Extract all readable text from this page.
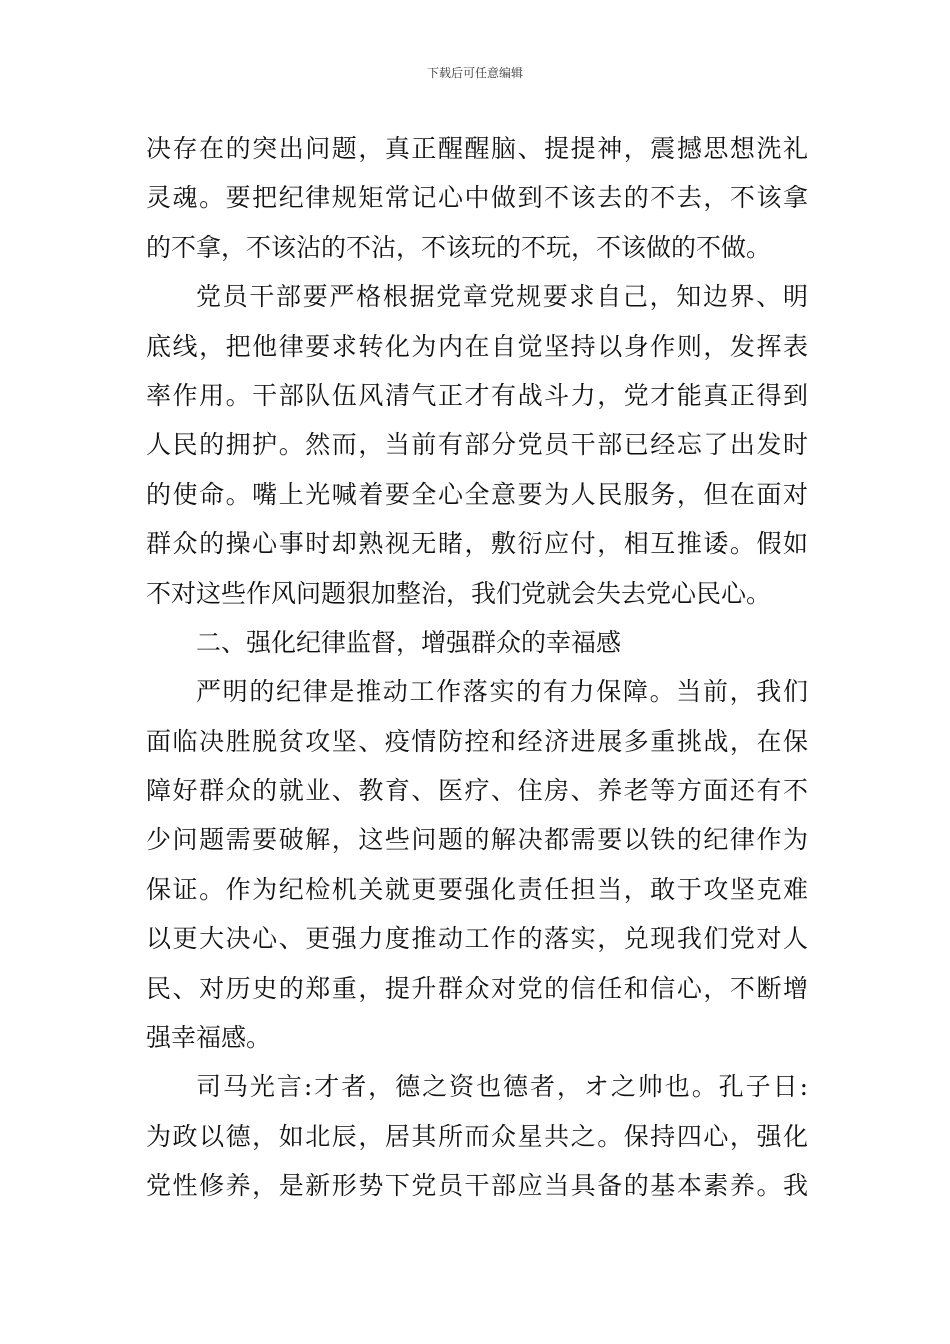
下载后可任意编辑
决存在的突出问题，真正醒醒脑、提提神，震撼思想洗礼
灵魂。要把纪律规矩常记心中做到不该去的不去，不该拿
的不拿，不该沾的不沾，不该玩的不玩，不该做的不做。
党员干部要严格根据党章党规要求自己，知边界、明
底线，把他律要求转化为内在自觉坚持以身作则，发挥表
率作用。干部队伍风清气正才有战斗力，党才能真正得到
人民的拥护。然而，当前有部分党员干部已经忘了出发时
的使命。嘴上光喊着要全心全意要为人民服务，但在面对
群众的操心事时却熟视无睹，敷衍应付，相互推诿。假如
不对这些作风问题狠加整治，我们党就会失去党心民心。
二、强化纪律监督，增强群众的幸福感
严明的纪律是推动工作落实的有力保障。当前，我们
面临决胜脱贫攻坚、疫情防控和经济进展多重挑战，在保
障好群众的就业、教育、医疗、住房、养老等方面还有不
少问题需要破解，这些问题的解决都需要以铁的纪律作为
保证。作为纪检机关就更要强化责任担当，敢于攻坚克难
以更大决心、更强力度推动工作的落实，兑现我们党对人
民、对历史的郑重，提升群众对党的信任和信心，不断增
强幸福感。
司马光言:才者，德之资也德者，オ之帅也。孔子日:
为政以德，如北辰，居其所而众星共之。保持四心，强化
党性修养，是新形势下党员干部应当具备的基本素养。我
